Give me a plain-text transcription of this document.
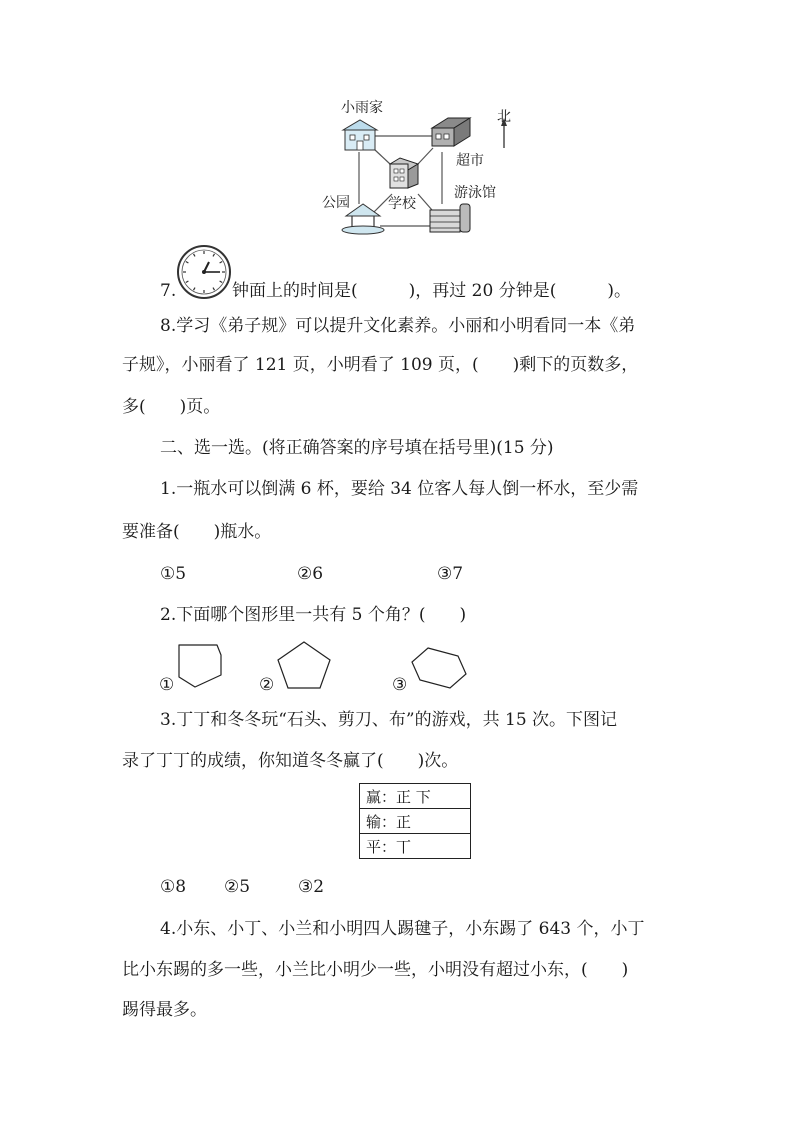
北
小雨家
超市
学校
游泳馆
公园
7.	钟面上的时间是(　　　)，再过 20 分钟是(　　　)。
8.学习《弟子规》可以提升文化素养。小丽和小明看同一本《弟
子规》，小丽看了 121 页，小明看了 109 页，(　　)剩下的页数多，
多(　　)页。
二、选一选。(将正确答案的序号填在括号里)(15 分)
1.一瓶水可以倒满 6 杯，要给 34 位客人每人倒一杯水，至少需
要准备(　　)瓶水。
①5	②6	③7
2.下面哪个图形里一共有 5 个角？(　　)
①	②	③
3.丁丁和冬冬玩“石头、剪刀、布”的游戏，共 15 次。下图记
录了丁丁的成绩，你知道冬冬赢了(　　)次。
赢：正 下
输：正
平：丅
①8 ②5	③2
4.小东、小丁、小兰和小明四人踢毽子，小东踢了 643 个，小丁
比小东踢的多一些，小兰比小明少一些，小明没有超过小东，(　　)
踢得最多。
